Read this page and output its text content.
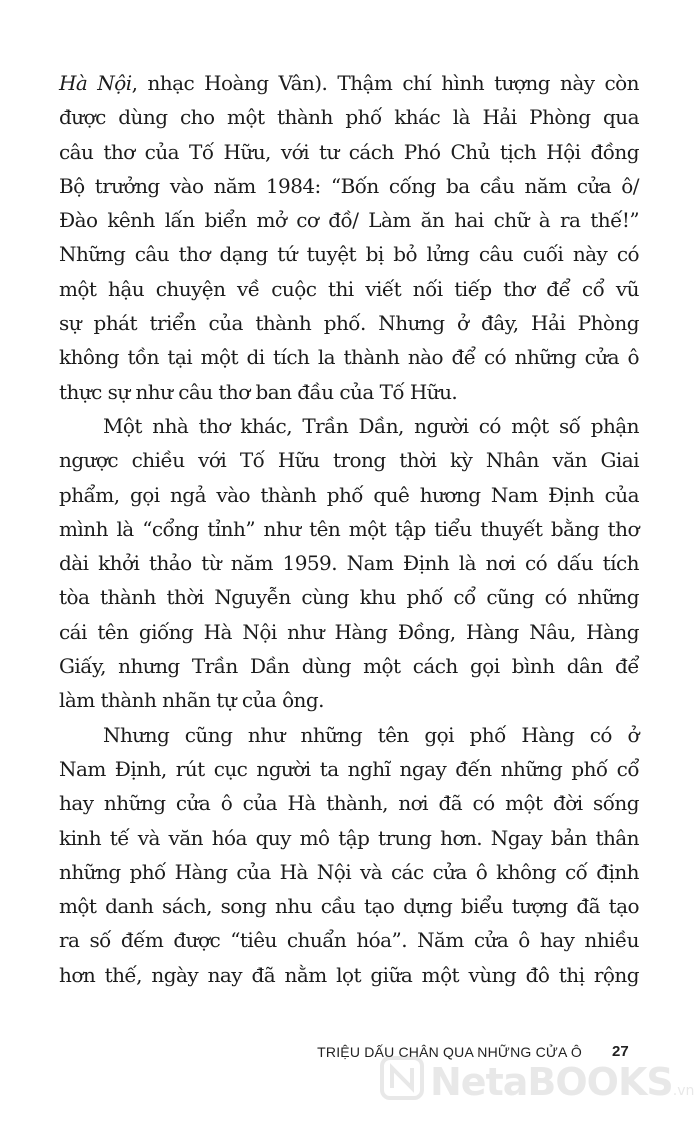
Hà Nội, nhạc Hoàng Vân). Thậm chí hình tượng này còn
được dùng cho một thành phố khác là Hải Phòng qua
câu thơ của Tố Hữu, với tư cách Phó Chủ tịch Hội đồng
Bộ trưởng vào năm 1984: “Bốn cống ba cầu năm cửa ô/
Đào kênh lấn biển mở cơ đồ/ Làm ăn hai chữ à ra thế!”
Những câu thơ dạng tứ tuyệt bị bỏ lửng câu cuối này có
một hậu chuyện về cuộc thi viết nối tiếp thơ để cổ vũ
sự phát triển của thành phố. Nhưng ở đây, Hải Phòng
không tồn tại một di tích la thành nào để có những cửa ô
thực sự như câu thơ ban đầu của Tố Hữu.
Một nhà thơ khác, Trần Dần, người có một số phận
ngược chiều với Tố Hữu trong thời kỳ Nhân văn Giai
phẩm, gọi ngả vào thành phố quê hương Nam Định của
mình là “cổng tỉnh” như tên một tập tiểu thuyết bằng thơ
dài khởi thảo từ năm 1959. Nam Định là nơi có dấu tích
tòa thành thời Nguyễn cùng khu phố cổ cũng có những
cái tên giống Hà Nội như Hàng Đồng, Hàng Nâu, Hàng
Giấy, nhưng Trần Dần dùng một cách gọi bình dân để
làm thành nhãn tự của ông.
Nhưng cũng như những tên gọi phố Hàng có ở
Nam Định, rút cục người ta nghĩ ngay đến những phố cổ
hay những cửa ô của Hà thành, nơi đã có một đời sống
kinh tế và văn hóa quy mô tập trung hơn. Ngay bản thân
những phố Hàng của Hà Nội và các cửa ô không cố định
một danh sách, song nhu cầu tạo dựng biểu tượng đã tạo
ra số đếm được “tiêu chuẩn hóa”. Năm cửa ô hay nhiều
hơn thế, ngày nay đã nằm lọt giữa một vùng đô thị rộng
TRIỆU DẤU CHÂN QUA NHỮNG CỬA Ô 27
NetaBOOKS.vn
